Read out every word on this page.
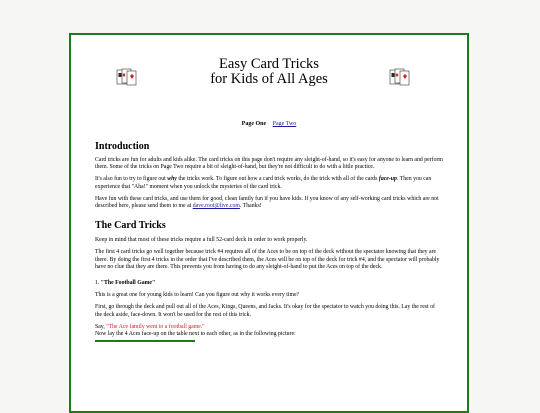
Easy Card Tricks
for Kids of All Ages
Page One Page Two
Introduction

Card tricks are fun for adults and kids alike. The card tricks on this page don't require any sleight-of-hand, so it's easy for anyone to learn and perform them. Some of the tricks on Page Two require a bit of sleight-of-hand, but they're not difficult to do with a little practice.

It's also fun to try to figure out why the tricks work. To figure out how a card trick works, do the trick with all of the cards face-up. Then you can experience that "Aha!" moment when you unlock the mysteries of the card trick.

Have fun with these card tricks, and use them for good, clean family fun if you have kids. If you know of any self-working card tricks which are not described here, please send them to me at dave.root@live.com. Thanks!

The Card Tricks

Keep in mind that most of these tricks require a full 52-card deck in order to work properly.

The first 4 card tricks go well together because trick #4 requires all of the Aces to be on top of the deck without the spectator knowing that they are there. By doing the first 4 tricks in the order that I've described them, the Aces will be on top of the deck for trick #4, and the spectator will probably have no clue that they are there. This prevents you from having to do any sleight-of-hand to put the Aces on top of the deck.

1. "The Football Game"

This is a great one for young kids to learn! Can you figure out why it works every time?

First, go through the deck and pull out all of the Aces, Kings, Queens, and Jacks. It's okay for the spectator to watch you doing this. Lay the rest of the deck aside, face-down. It won't be used for the rest of this trick.

Say, "The Ace family went to a football game."
Now lay the 4 Aces face-up on the table next to each other, as in the following picture:
